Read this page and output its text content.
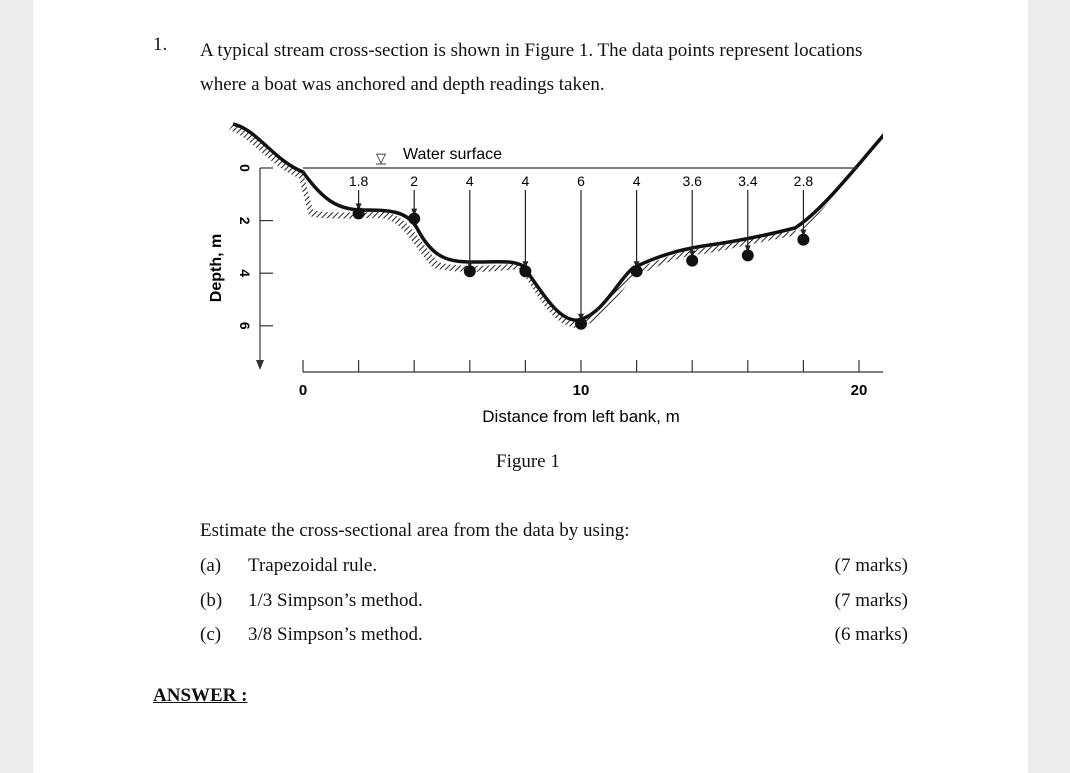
1. A typical stream cross-section is shown in Figure 1. The data points represent locations
where a boat was anchored and depth readings taken.
▽ Water surface
0
2
4
6
Depth, m
0	10	20
Distance from left bank, m
1.8	2	4	4	6	4	3.6	3.4	2.8
Figure 1
Estimate the cross-sectional area from the data by using:
(a) Trapezoidal rule.	(7 marks)
(b) 1/3 Simpson’s method.	(7 marks)
(c) 3/8 Simpson’s method.	(6 marks)
ANSWER :
